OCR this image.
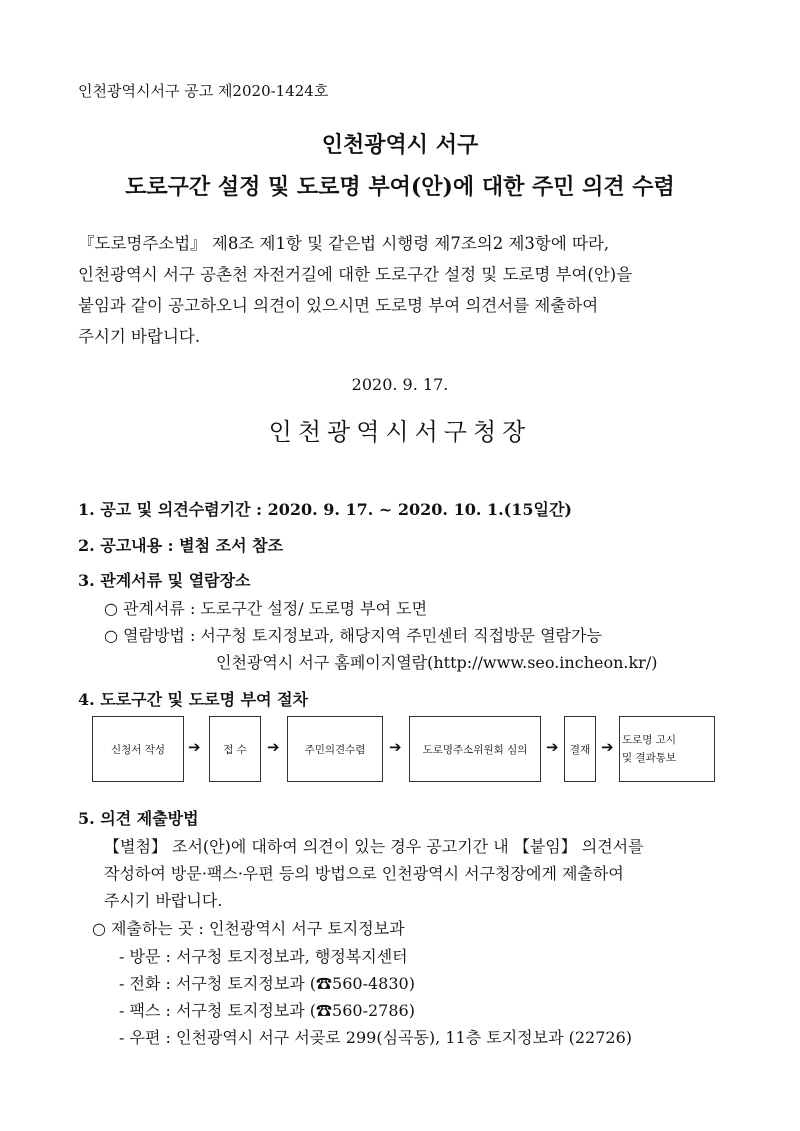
인천광역시서구 공고 제2020-1424호
인천광역시 서구
도로구간 설정 및 도로명 부여(안)에 대한 주민 의견 수렴

『도로명주소법』 제8조 제1항 및 같은법 시행령 제7조의2 제3항에 따라,

인천광역시 서구 공촌천 자전거길에 대한 도로구간 설정 및 도로명 부여(안)을

붙임과 같이 공고하오니 의견이 있으시면 도로명 부여 의견서를 제출하여

주시기 바랍니다.

2020. 9. 17.
인천광역시서구청장
1. 공고 및 의견수렴기간 : 2020. 9. 17. ~ 2020. 10. 1.(15일간)
2. 공고내용 : 별첨 조서 참조
3. 관계서류 및 열람장소
○ 관계서류 : 도로구간 설정/ 도로명 부여 도면
○ 열람방법 : 서구청 토지정보과, 해당지역 주민센터 직접방문 열람가능
인천광역시 서구 홈페이지열람(http://www.seo.incheon.kr/)
4. 도로구간 및 도로명 부여 절차
신청서 작성	➔	접 수	➔	주민의견수렴	➔	도로명주소위원회 심의	➔	결재 ➔ 도로명 고시
및 결과통보
5. 의견 제출방법
【별첨】 조서(안)에 대하여 의견이 있는 경우 공고기간 내 【붙임】 의견서를
작성하여 방문·팩스·우편 등의 방법으로 인천광역시 서구청장에게 제출하여
주시기 바랍니다.
○ 제출하는 곳 : 인천광역시 서구 토지정보과
- 방문 : 서구청 토지정보과, 행정복지센터
- 전화 : 서구청 토지정보과 (☎560-4830)
- 팩스 : 서구청 토지정보과 (☎560-2786)
- 우편 : 인천광역시 서구 서곶로 299(심곡동), 11층 토지정보과 (22726)
